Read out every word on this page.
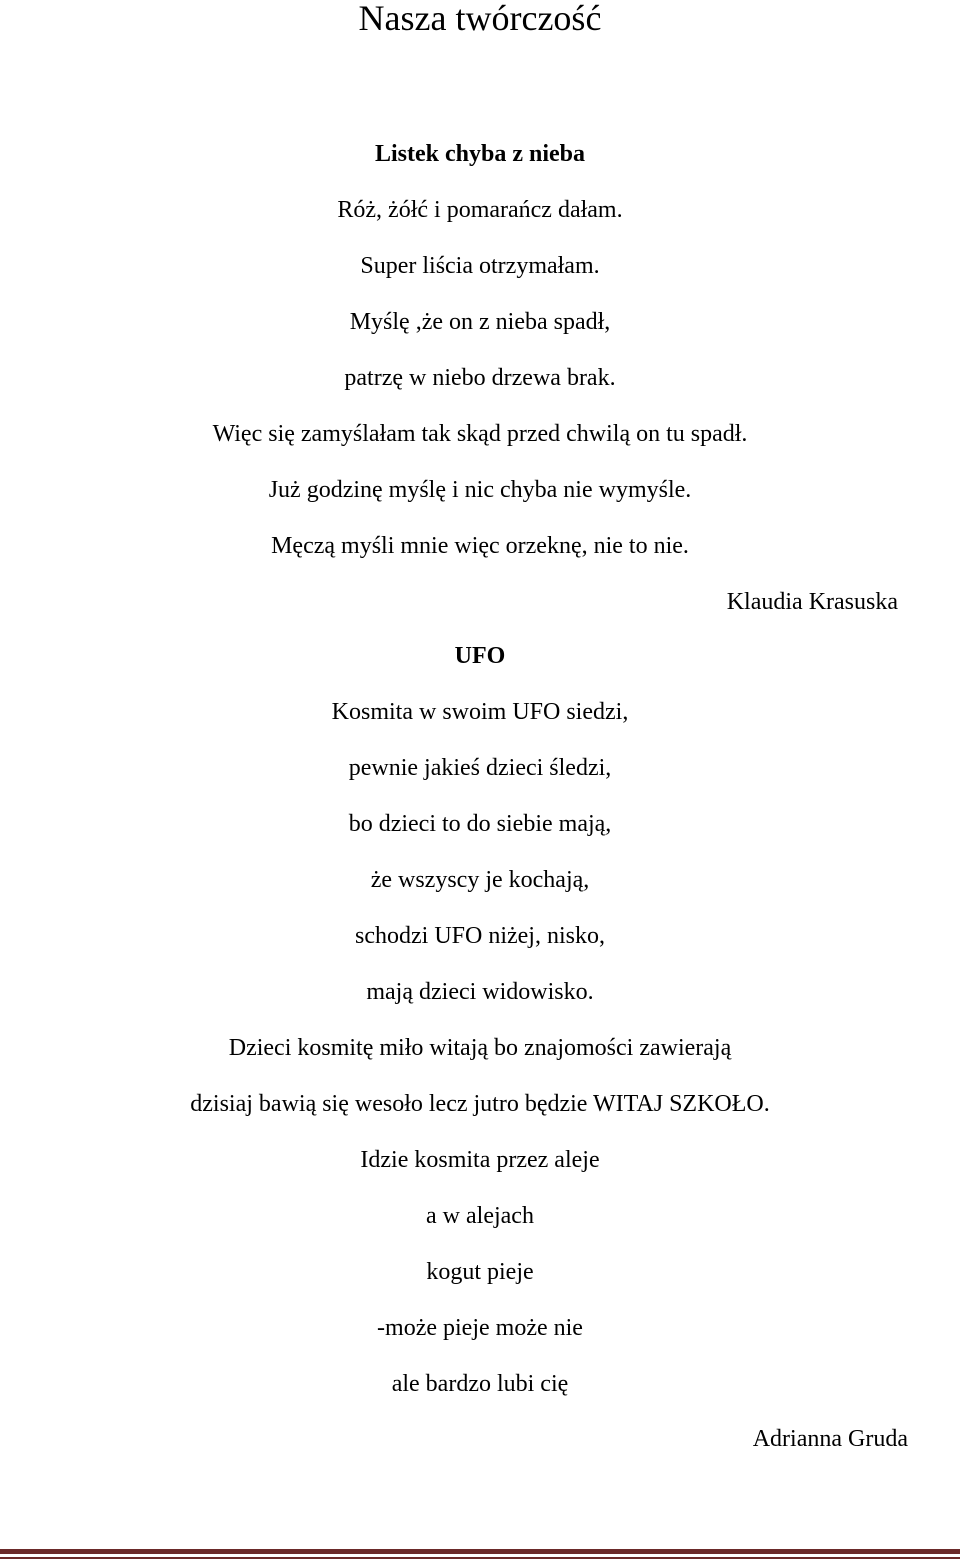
Nasza twórczość
Listek chyba z nieba
Róż, żółć i pomarańcz dałam.
Super liścia otrzymałam.
Myślę ,że on z nieba spadł,
patrzę w niebo drzewa brak.
Więc się zamyślałam tak skąd przed chwilą on tu spadł.
Już godzinę myślę i nic chyba nie wymyśle.
Męczą myśli mnie więc orzeknę, nie to nie.
Klaudia Krasuska
UFO
Kosmita w swoim UFO siedzi,
pewnie jakieś dzieci śledzi,
bo dzieci to do siebie mają,
że wszyscy je kochają,
schodzi UFO niżej, nisko,
mają dzieci widowisko.
Dzieci kosmitę miło witają bo znajomości zawierają
dzisiaj bawią się wesoło lecz jutro będzie WITAJ SZKOŁO.
Idzie kosmita przez aleje
a w alejach
kogut pieje
-może pieje może nie
ale bardzo lubi cię
Adrianna Gruda
